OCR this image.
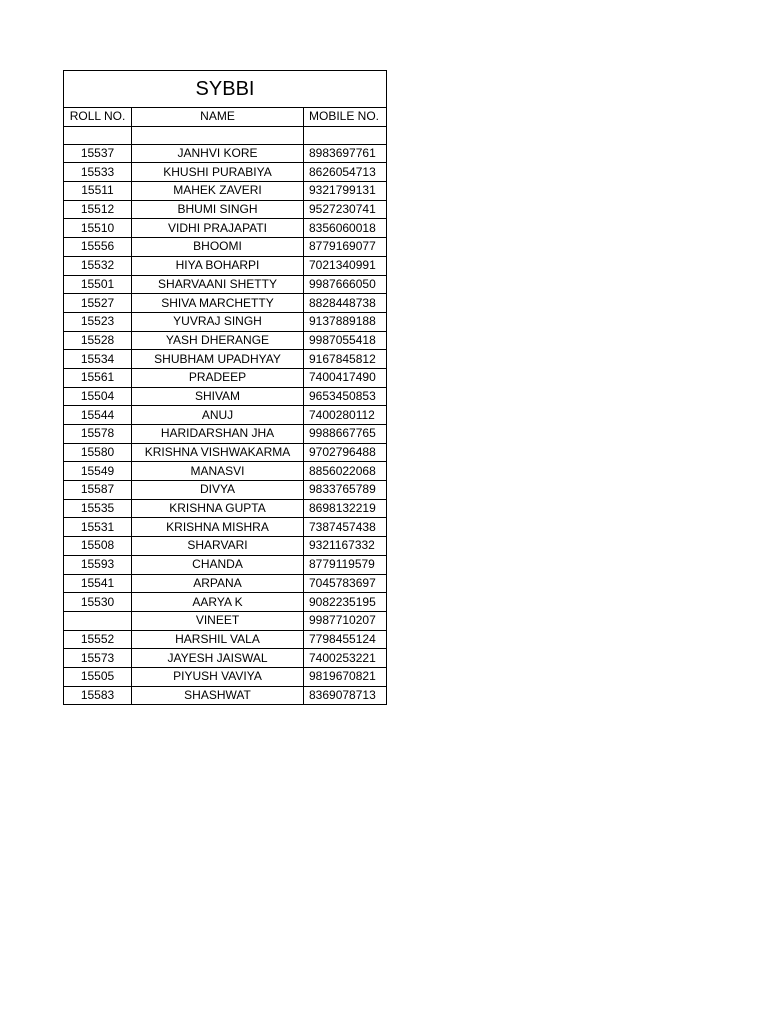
SYBBI		
ROLL NO.	NAME	MOBILE NO.

15537	JANHVI KORE	8983697761
15533	KHUSHI PURABIYA	8626054713
15511	MAHEK ZAVERI	9321799131
15512	BHUMI SINGH	9527230741
15510	VIDHI PRAJAPATI	8356060018
15556	BHOOMI	8779169077
15532	HIYA BOHARPI	7021340991
15501	SHARVAANI SHETTY	9987666050
15527	SHIVA MARCHETTY	8828448738
15523	YUVRAJ SINGH	9137889188
15528	YASH DHERANGE	9987055418
15534	SHUBHAM UPADHYAY	9167845812
15561	PRADEEP	7400417490
15504	SHIVAM	9653450853
15544	ANUJ	7400280112
15578	HARIDARSHAN JHA	9988667765
15580	KRISHNA VISHWAKARMA	9702796488
15549	MANASVI	8856022068
15587	DIVYA	9833765789
15535	KRISHNA GUPTA	8698132219
15531	KRISHNA MISHRA	7387457438
15508	SHARVARI	9321167332
15593	CHANDA	8779119579
15541	ARPANA	7045783697
15530	AARYA K	9082235195
	VINEET	9987710207
15552	HARSHIL VALA	7798455124
15573	JAYESH JAISWAL	7400253221
15505	PIYUSH VAVIYA	9819670821
15583	SHASHWAT	8369078713
